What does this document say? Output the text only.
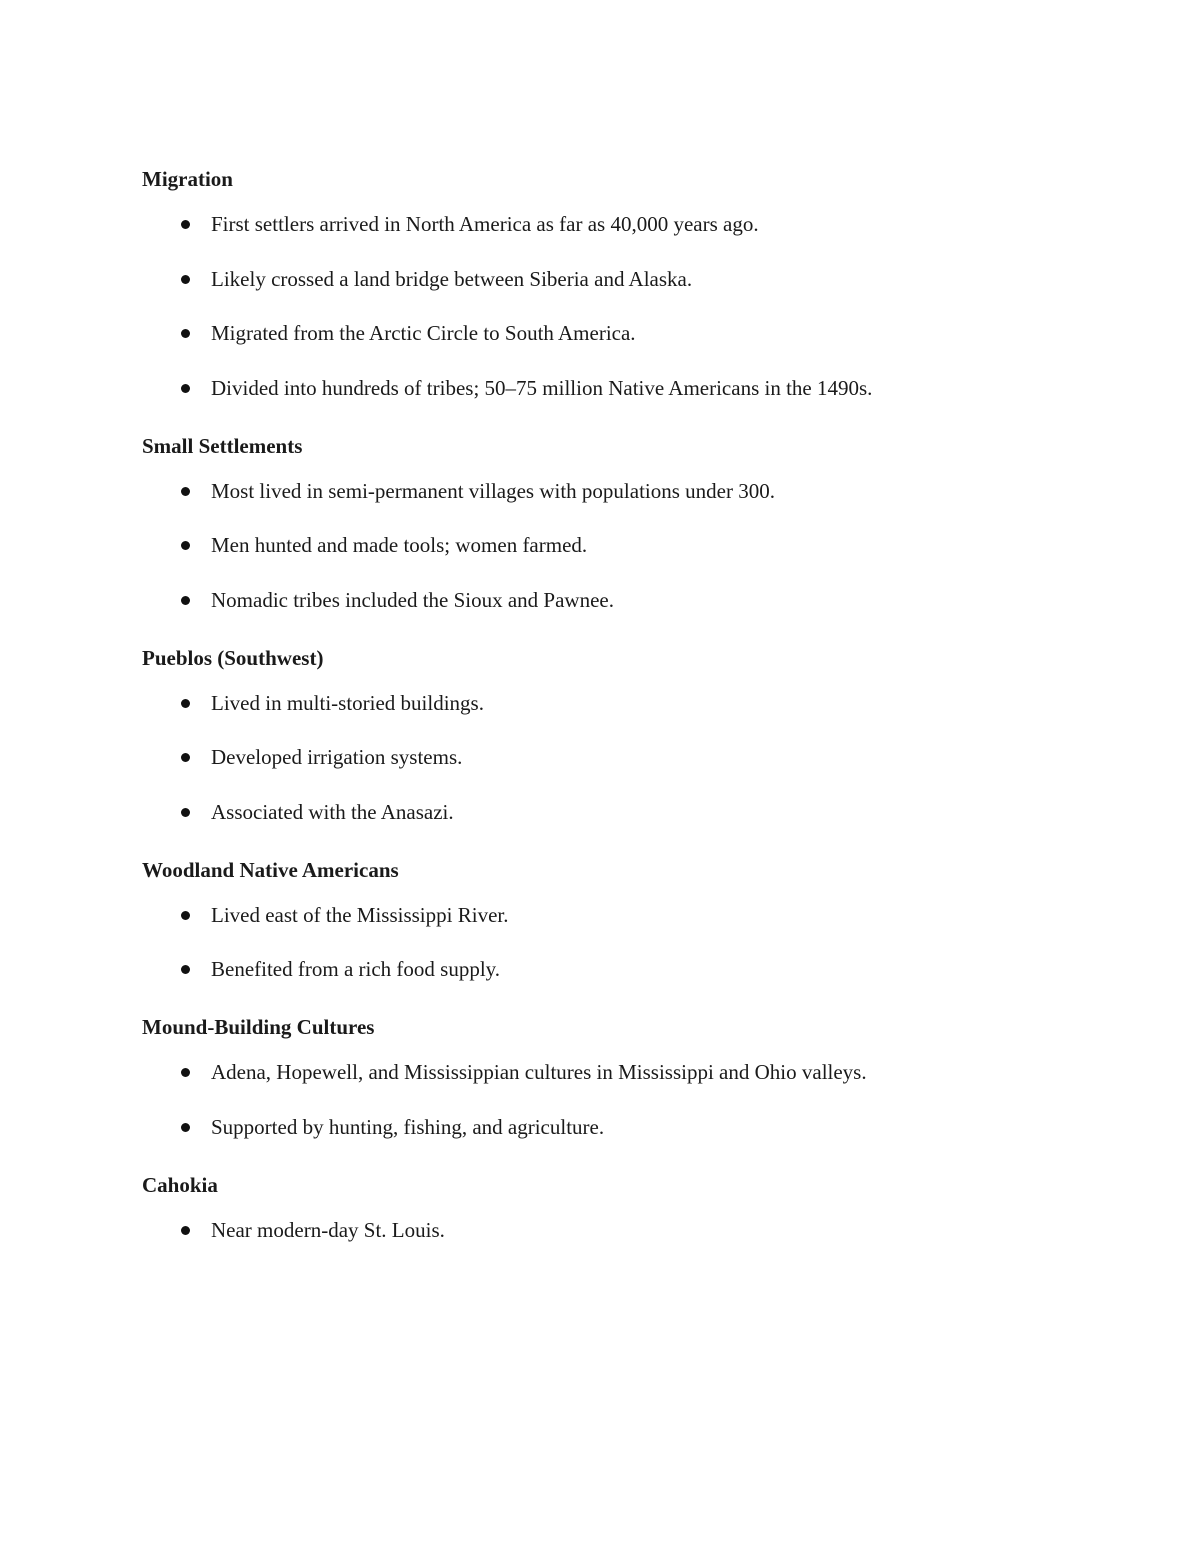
Migration
First settlers arrived in North America as far as 40,000 years ago.
Likely crossed a land bridge between Siberia and Alaska.
Migrated from the Arctic Circle to South America.
Divided into hundreds of tribes; 50–75 million Native Americans in the 1490s.
Small Settlements
Most lived in semi-permanent villages with populations under 300.
Men hunted and made tools; women farmed.
Nomadic tribes included the Sioux and Pawnee.
Pueblos (Southwest)
Lived in multi-storied buildings.
Developed irrigation systems.
Associated with the Anasazi.
Woodland Native Americans
Lived east of the Mississippi River.
Benefited from a rich food supply.
Mound-Building Cultures
Adena, Hopewell, and Mississippian cultures in Mississippi and Ohio valleys.
Supported by hunting, fishing, and agriculture.
Cahokia
Near modern-day St. Louis.
